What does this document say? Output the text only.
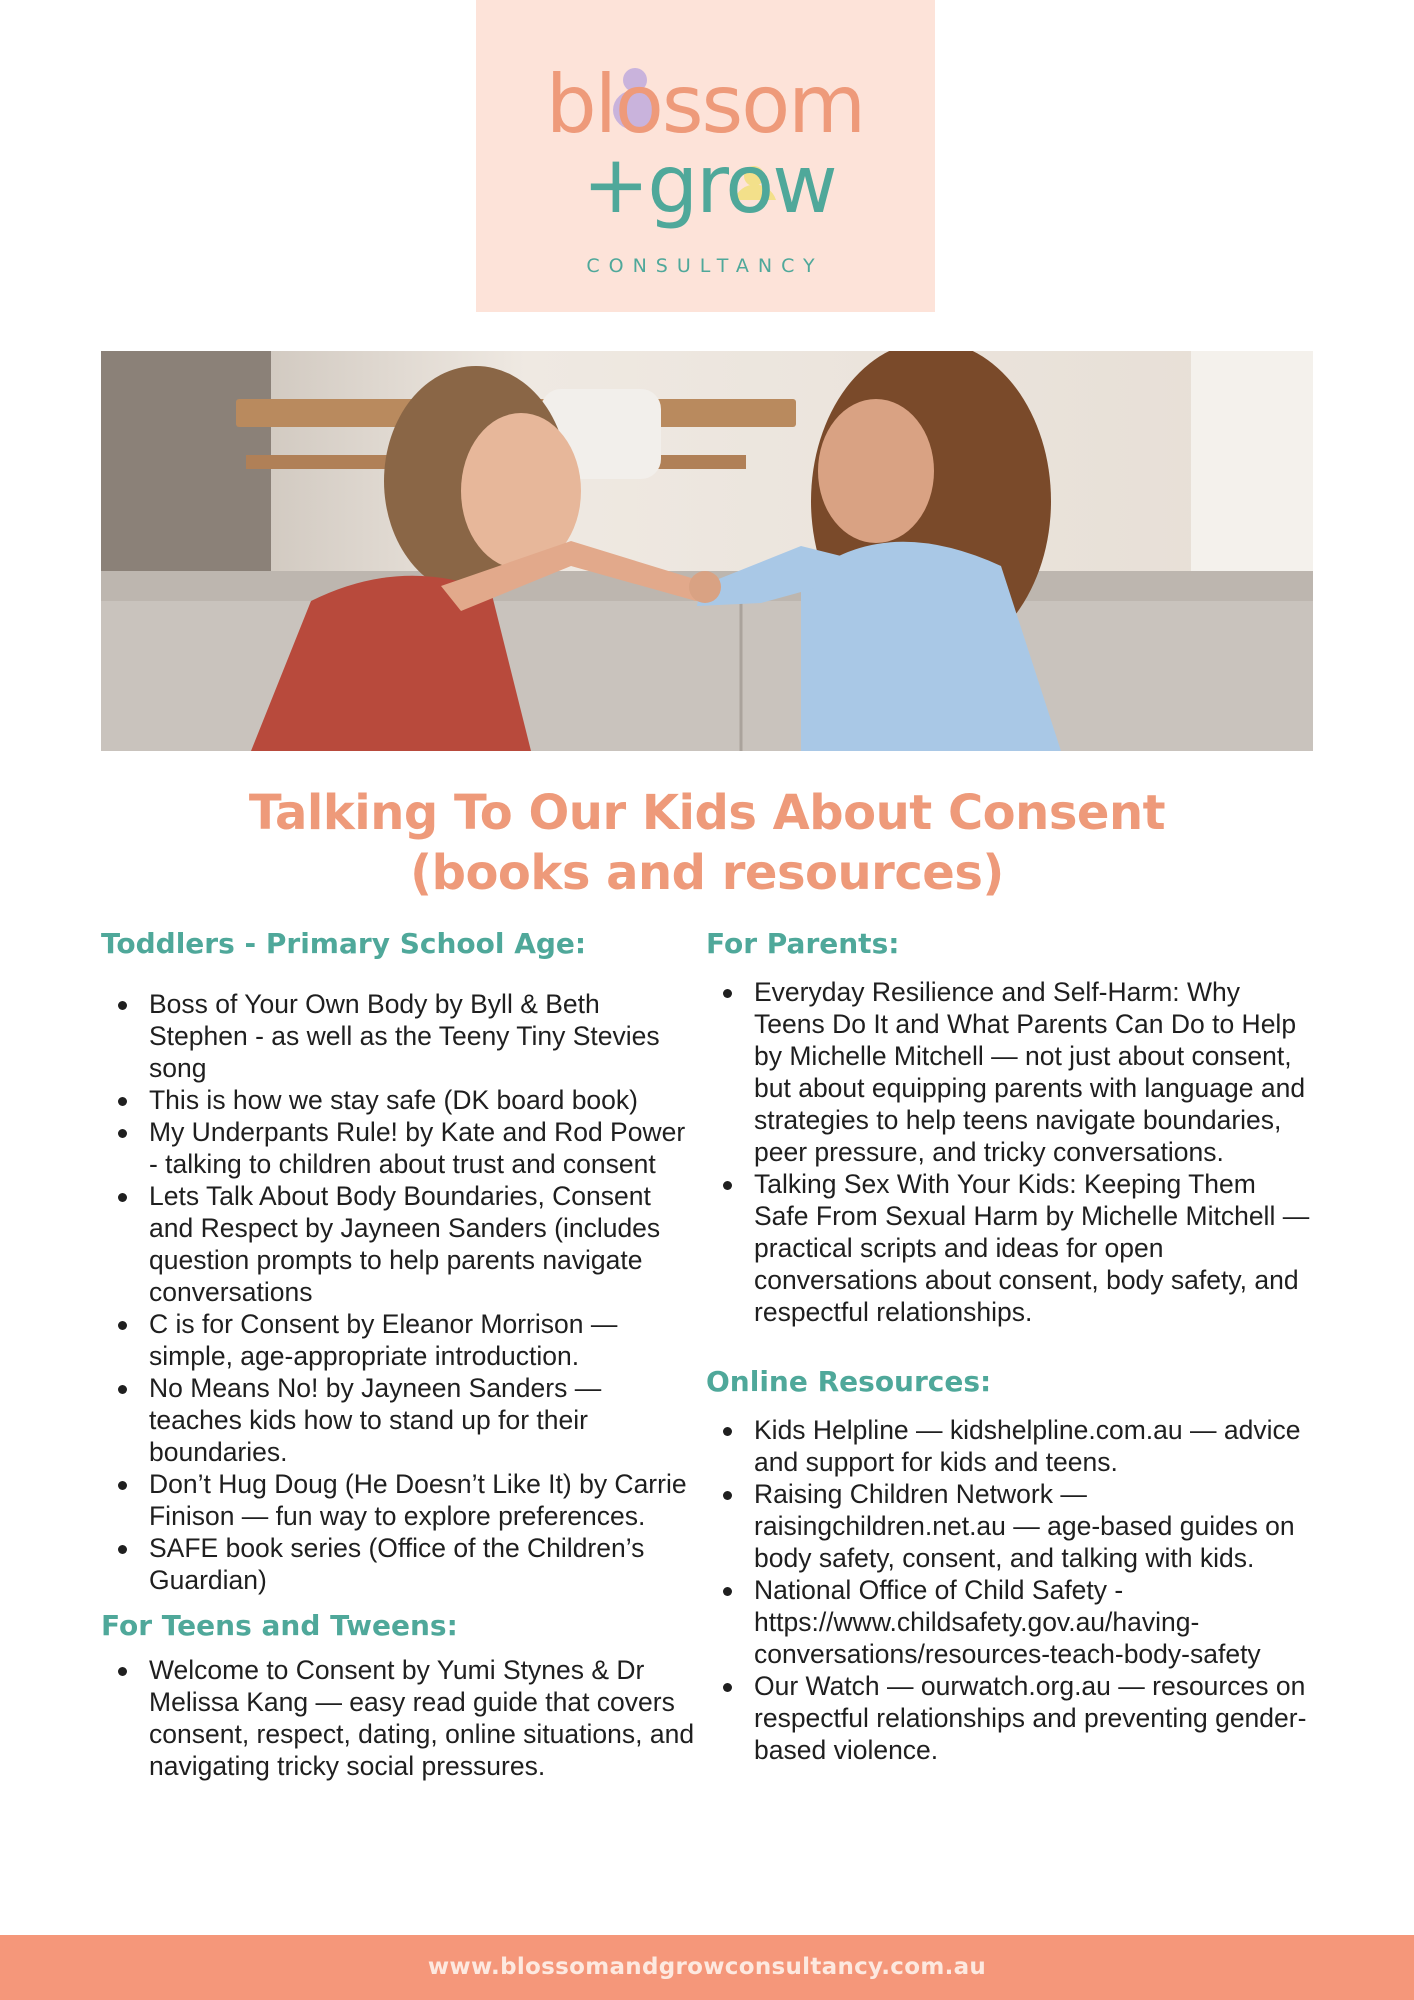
blossom
+grow
CONSULTANCY
Talking To Our Kids About Consent
(books and resources)
Toddlers - Primary School Age:
Boss of Your Own Body by Byll & Beth Stephen - as well as the Teeny Tiny Stevies song
This is how we stay safe (DK board book)
My Underpants Rule! by Kate and Rod Power - talking to children about trust and consent
Lets Talk About Body Boundaries, Consent and Respect by Jayneen Sanders (includes question prompts to help parents navigate conversations
C is for Consent by Eleanor Morrison — simple, age-appropriate introduction.
No Means No! by Jayneen Sanders — teaches kids how to stand up for their boundaries.
Don’t Hug Doug (He Doesn’t Like It) by Carrie Finison — fun way to explore preferences.
SAFE book series (Office of the Children’s Guardian)
For Teens and Tweens:
Welcome to Consent by Yumi Stynes & Dr Melissa Kang — easy read guide that covers consent, respect, dating, online situations, and navigating tricky social pressures.
For Parents:
Everyday Resilience and Self-Harm: Why Teens Do It and What Parents Can Do to Help by Michelle Mitchell — not just about consent, but about equipping parents with language and strategies to help teens navigate boundaries, peer pressure, and tricky conversations.
Talking Sex With Your Kids: Keeping Them Safe From Sexual Harm by Michelle Mitchell — practical scripts and ideas for open conversations about consent, body safety, and respectful relationships.
Online Resources:
Kids Helpline — kidshelpline.com.au — advice and support for kids and teens.
Raising Children Network — raisingchildren.net.au — age-based guides on body safety, consent, and talking with kids.
National Office of Child Safety - https://www.childsafety.gov.au/having-conversations/resources-teach-body-safety
Our Watch — ourwatch.org.au — resources on respectful relationships and preventing gender-based violence.
www.blossomandgrowconsultancy.com.au
